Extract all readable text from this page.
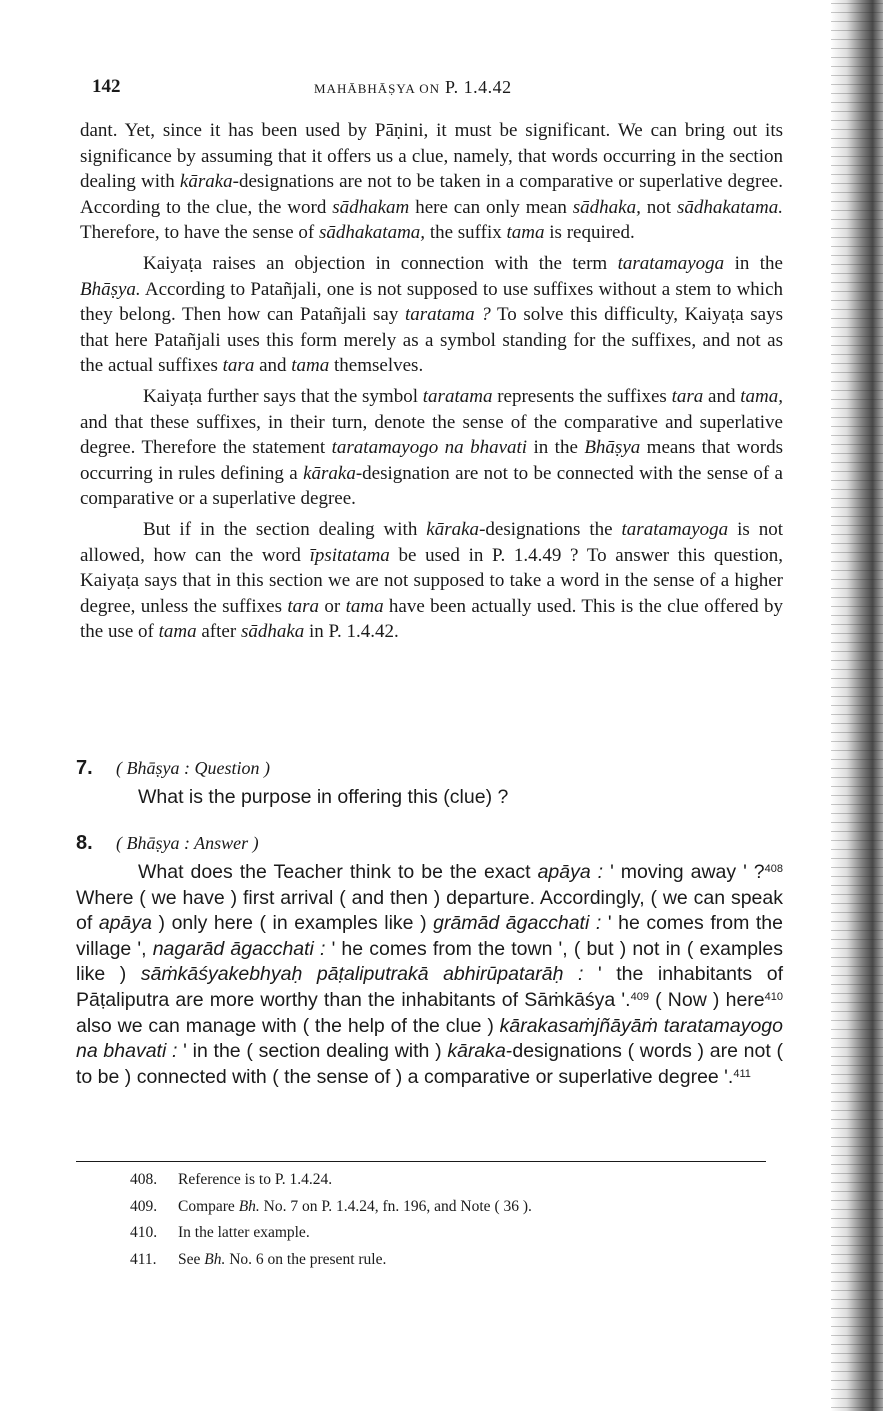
142	MAHĀBHĀṢYA ON P. 1.4.42

dant. Yet, since it has been used by Pāṇini, it must be significant. We can bring out its significance by assuming that it offers us a clue, namely, that words occurring in the section dealing with kāraka-designations are not to be taken in a comparative or superlative degree. According to the clue, the word sādhakam here can only mean sādhaka, not sādhakatama. Therefore, to have the sense of sādhakatama, the suffix tama is required.

Kaiyaṭa raises an objection in connection with the term taratamayoga in the Bhāṣya. According to Patañjali, one is not supposed to use suffixes without a stem to which they belong. Then how can Patañjali say taratama ? To solve this difficulty, Kaiyaṭa says that here Patañjali uses this form merely as a symbol standing for the suffixes, and not as the actual suffixes tara and tama themselves.

Kaiyaṭa further says that the symbol taratama represents the suffixes tara and tama, and that these suffixes, in their turn, denote the sense of the comparative and superlative degree. Therefore the statement taratamayogo na bhavati in the Bhāṣya means that words occurring in rules defining a kāraka-designation are not to be connected with the sense of a comparative or a superlative degree.

But if in the section dealing with kāraka-designations the taratamayoga is not allowed, how can the word īpsitatama be used in P. 1.4.49 ? To answer this question, Kaiyaṭa says that in this section we are not supposed to take a word in the sense of a higher degree, unless the suffixes tara or tama have been actually used. This is the clue offered by the use of tama after sādhaka in P. 1.4.42.

7. ( Bhāṣya : Question )

What is the purpose in offering this (clue) ?

8. ( Bhāṣya : Answer )

What does the Teacher think to be the exact apāya : ' moving away ' ?$^{408}$ Where ( we have ) first arrival ( and then ) departure. Accordingly, ( we can speak of apāya ) only here ( in examples like ) grāmād āgacchati : ' he comes from the village ', nagarād āgacchati : ' he comes from the town ', ( but ) not in ( examples like ) sāṁkāśyakebhyaḥ pāṭaliputrakā abhirūpatarāḥ : ' the inhabitants of Pāṭaliputra are more worthy than the inhabitants of Sāṁkāśya '.$^{409}$ ( Now ) here$^{410}$ also we can manage with ( the help of the clue ) kārakasaṁjñāyāṁ taratamayogo na bhavati : ' in the ( section dealing with ) kāraka-designations ( words ) are not ( to be ) connected with ( the sense of ) a comparative or superlative degree '.$^{411}$

408. Reference is to P. 1.4.24.
409. Compare Bh. No. 7 on P. 1.4.24, fn. 196, and Note ( 36 ).
410. In the latter example.
411. See Bh. No. 6 on the present rule.
